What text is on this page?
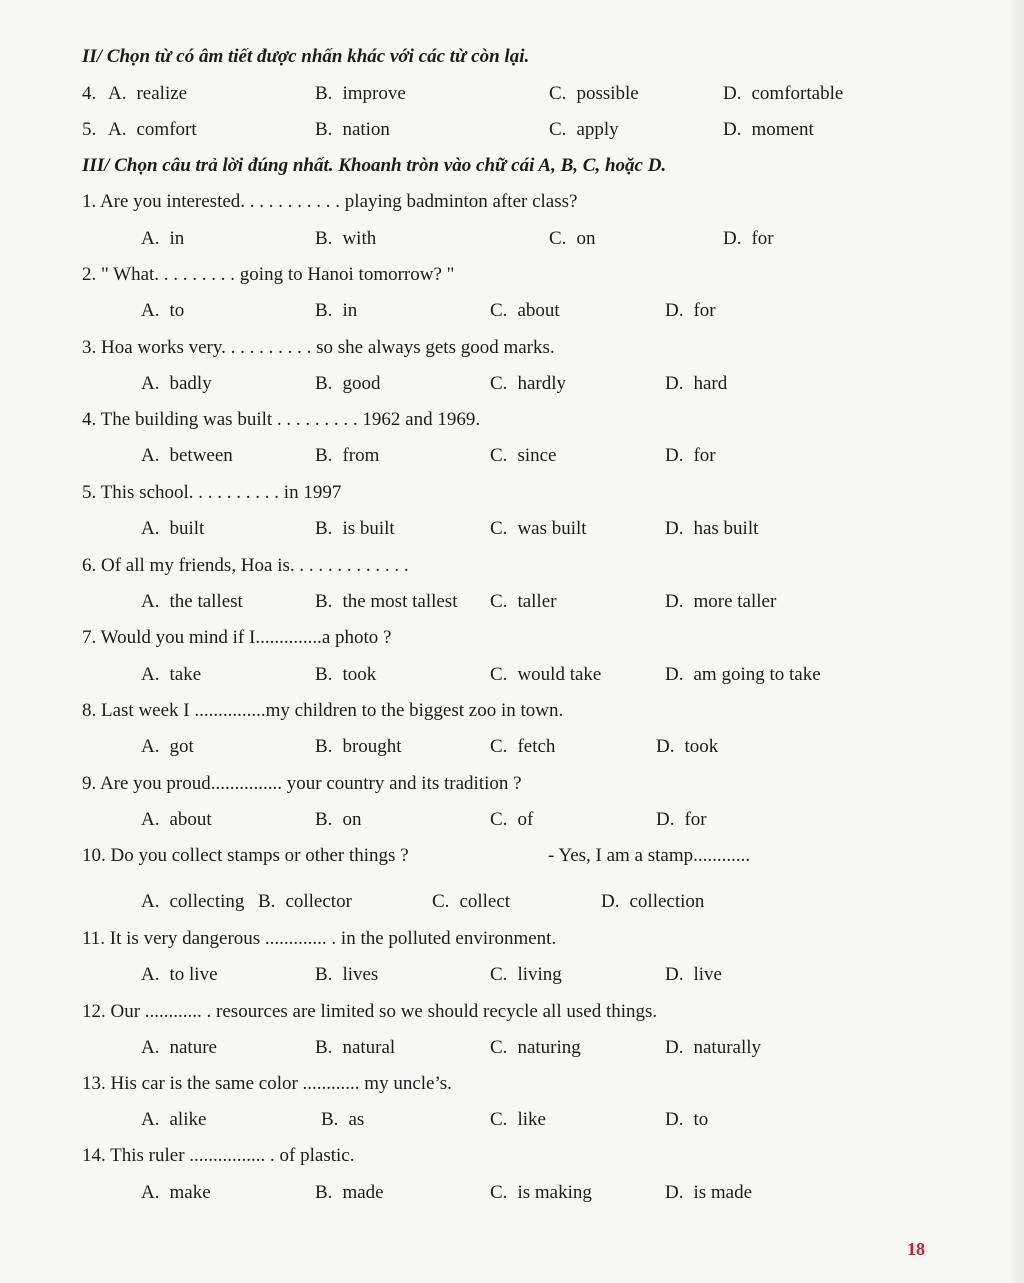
II/ Chọn từ có âm tiết được nhấn khác với các từ còn lại.
4. A. realize	B. improve	C. possible	D. comfortable
5. A. comfort	B. nation	C. apply	D. moment
III/ Chọn câu trả lời đúng nhất. Khoanh tròn vào chữ cái A, B, C, hoặc D.
1. Are you interested. . . . . . . . . . . playing badminton after class?
A. in	B. with	C. on	D. for
2. " What. . . . . . . . . going to Hanoi tomorrow? "
A. to	B. in	C. about	D. for
3. Hoa works very. . . . . . . . . . so she always gets good marks.
A. badly	B. good	C. hardly	D. hard
4. The building was built . . . . . . . . . 1962 and 1969.
A. between	B. from	C. since	D. for
5. This school. . . . . . . . . . in 1997
A. built	B. is built	C. was built	D. has built
6. Of all my friends, Hoa is. . . . . . . . . . . . .
A. the tallest	B. the most tallest C. taller	D. more taller
7. Would you mind if I..............a photo ?
A. take	B. took	C. would take	D. am going to take
8. Last week I ...............my children to the biggest zoo in town.
A. got	B. brought	C. fetch	D. took
9. Are you proud............... your country and its tradition ?
A. about	B. on	C. of	D. for
10. Do you collect stamps or other things ?	- Yes, I am a stamp............
A. collecting B. collector	C. collect	D. collection
11. It is very dangerous ............. . in the polluted environment.
A. to live	B. lives	C. living	D. live
12. Our ............ . resources are limited so we should recycle all used things.
A. nature	B. natural	C. naturing	D. naturally
13. His car is the same color ............ my uncle’s.
A. alike	B. as	C. like	D. to
14. This ruler ................ . of plastic.
A. make	B. made	C. is making	D. is made
18
